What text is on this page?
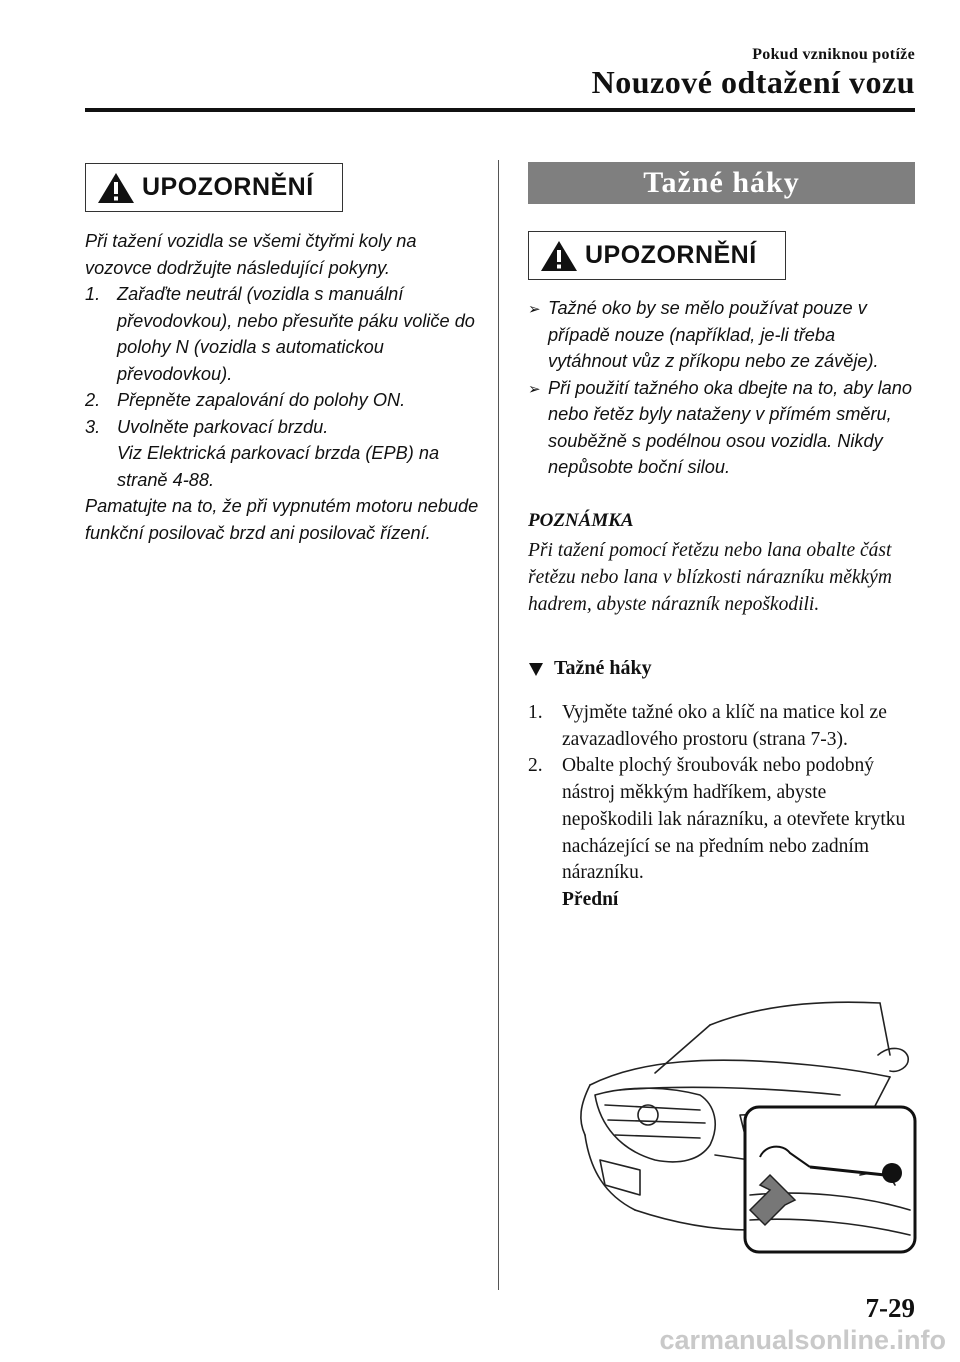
Pokud vzniknou potíže
Nouzové odtažení vozu
UPOZORNĚNÍ

Při tažení vozidla se všemi čtyřmi koly na vozovce dodržujte následující pokyny.

1. Zařaďte neutrál (vozidla s manuální převodovkou), nebo přesuňte páku voliče do polohy N (vozidla s automatickou převodovkou).
2. Přepněte zapalování do polohy ON.
3. Uvolněte parkovací brzdu.
Viz Elektrická parkovací brzda (EPB) na straně 4-88.

Pamatujte na to, že při vypnutém motoru nebude funkční posilovač brzd ani posilovač řízení.

Tažné háky
UPOZORNĚNÍ
➢ Tažné oko by se mělo používat pouze v případě nouze (například, je-li třeba vytáhnout vůz z příkopu nebo ze závěje).
➢ Při použití tažného oka dbejte na to, aby lano nebo řetěz byly nataženy v přímém směru, souběžně s podélnou osou vozidla. Nikdy nepůsobte boční silou.
POZNÁMKA
Při tažení pomocí řetězu nebo lana obalte část řetězu nebo lana v blízkosti nárazníku měkkým hadrem, abyste nárazník nepoškodili.
Tažné háky
1. Vyjměte tažné oko a klíč na matice kol ze zavazadlového prostoru (strana 7-3).
2. Obalte plochý šroubovák nebo podobný nástroj měkkým hadříkem, abyste nepoškodili lak nárazníku, a otevřete krytku nacházející se na předním nebo zadním nárazníku.
Přední
7-29
carmanualsonline.info
